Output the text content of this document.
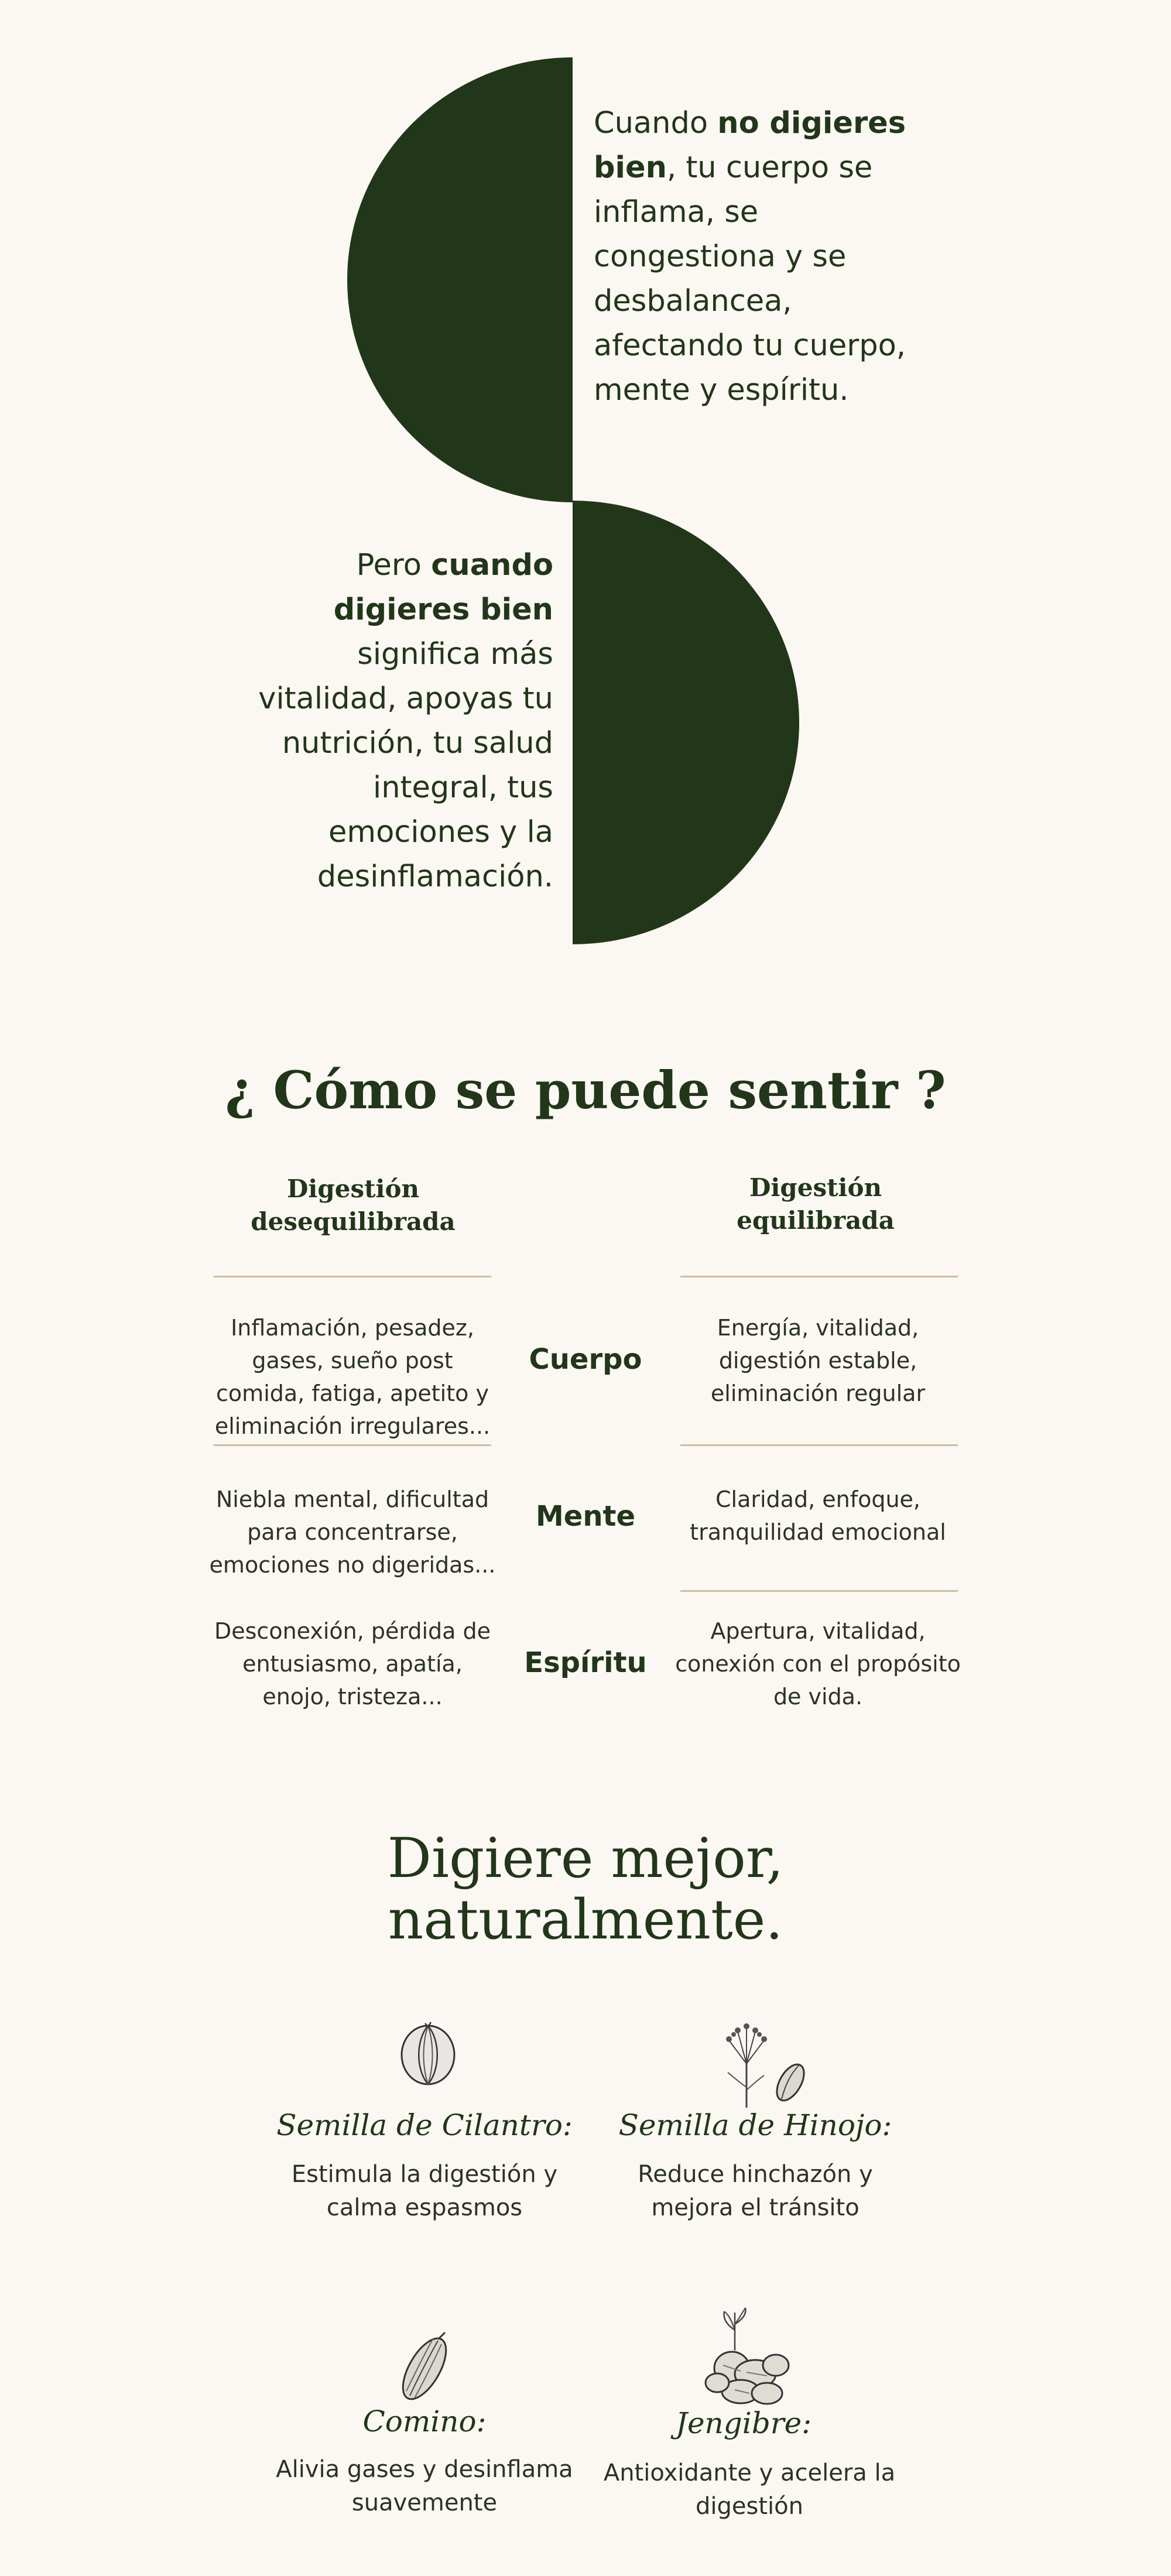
Cuando no digieres bien, tu cuerpo se inflama, se congestiona y se desbalancea, afectando tu cuerpo, mente y espíritu.

Pero cuando digieres bien significa más vitalidad, apoyas tu nutrición, tu salud integral, tus emociones y la desinflamación.

¿ Cómo se puede sentir ?
Digestión desequilibrada
Digestión equilibrada
Inflamación, pesadez, gases, sueño post comida, fatiga, apetito y eliminación irregulares...
Cuerpo
Energía, vitalidad, digestión estable, eliminación regular
Niebla mental, dificultad para concentrarse, emociones no digeridas...
Mente
Claridad, enfoque, tranquilidad emocional
Desconexión, pérdida de entusiasmo, apatía, enojo, tristeza...
Espíritu
Apertura, vitalidad, conexión con el propósito de vida.

Digiere mejor,

naturalmente.

Semilla de Cilantro:
Estimula la digestión y calma espasmos
Semilla de Hinojo:
Reduce hinchazón y mejora el tránsito
Comino:
Alivia gases y desinflama suavemente
Jengibre:
Antioxidante y acelera la digestión
